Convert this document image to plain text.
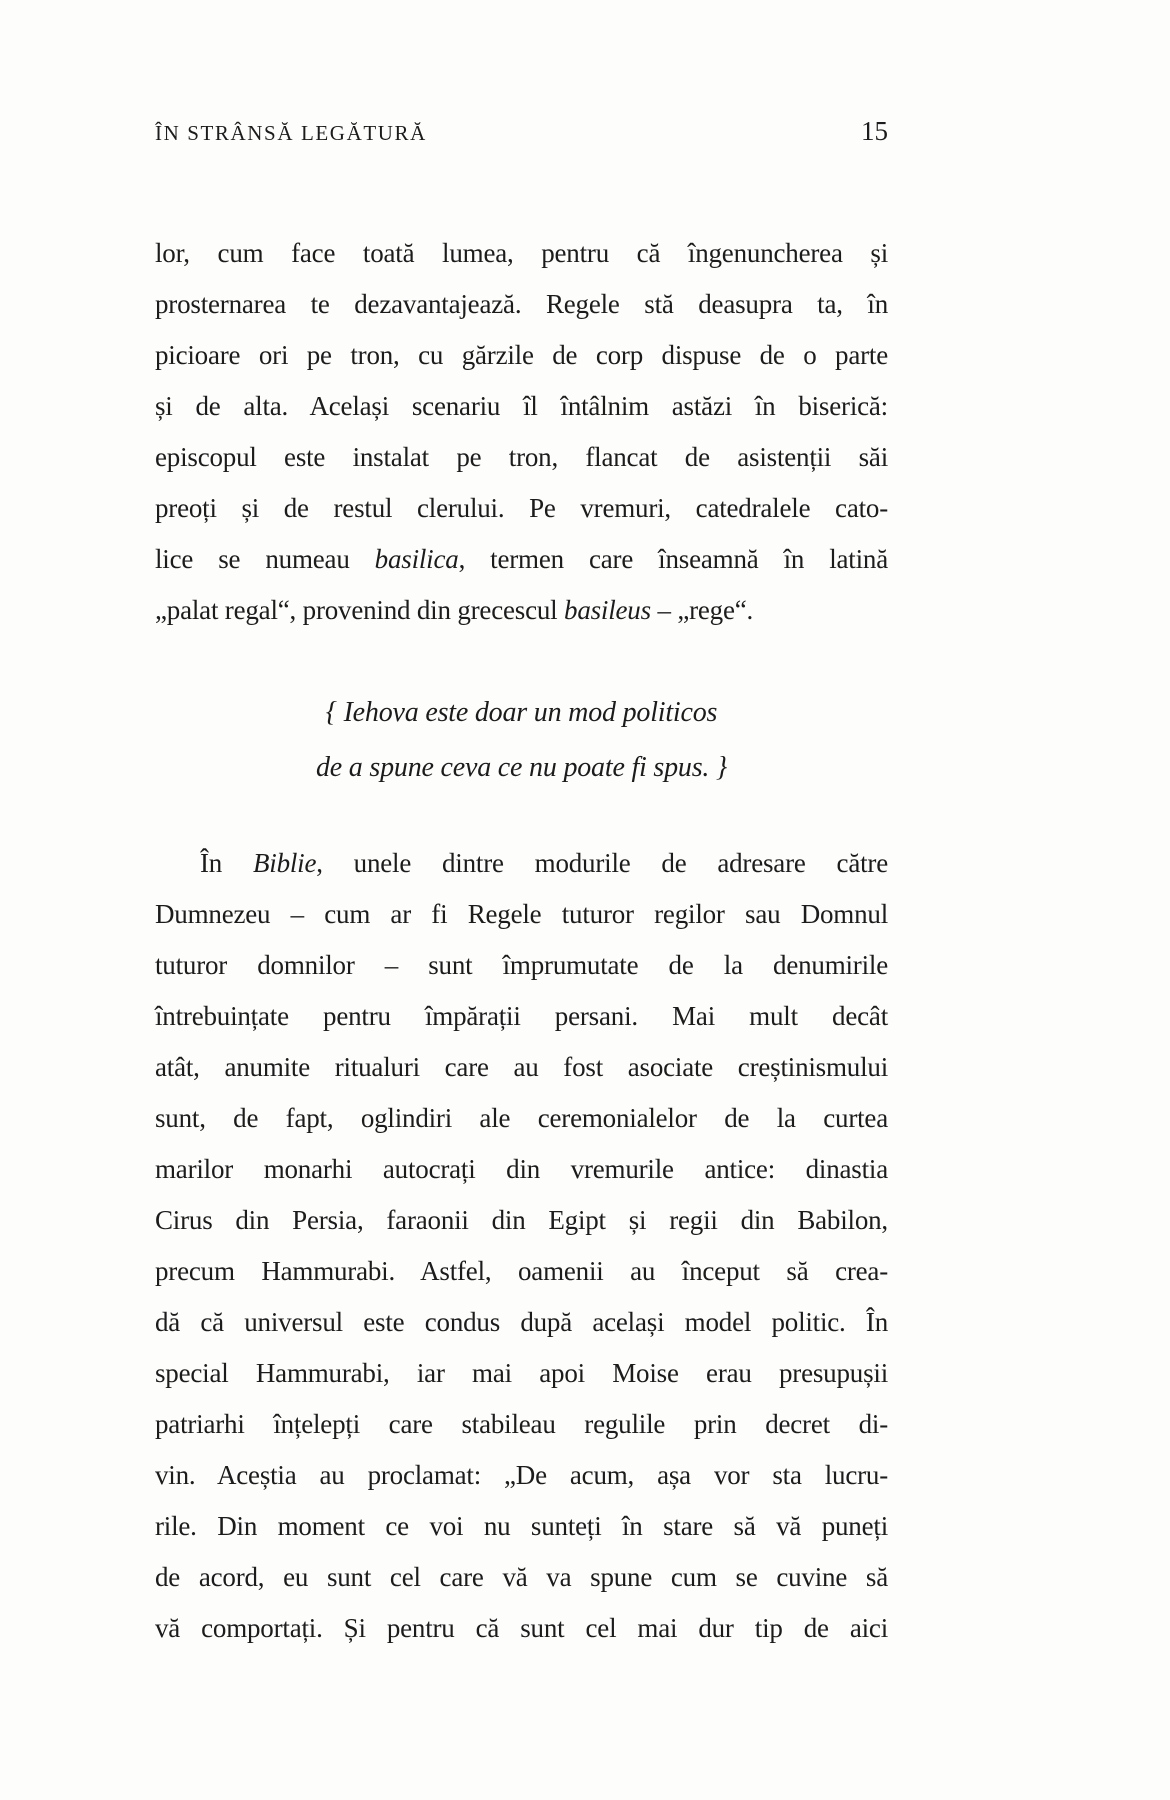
ÎN STRÂNSĂ LEGĂTURĂ	15
lor, cum face toată lumea, pentru că îngenuncherea și
prosternarea te dezavantajează. Regele stă deasupra ta, în
picioare ori pe tron, cu gărzile de corp dispuse de o parte
și de alta. Același scenariu îl întâlnim astăzi în biserică:
episcopul este instalat pe tron, flancat de asistenții săi
preoți și de restul clerului. Pe vremuri, catedralele cato-
lice se numeau basilica, termen care înseamnă în latină
„palat regal“, provenind din grecescul basileus – „rege“.
{ Iehova este doar un mod politicos
de a spune ceva ce nu poate fi spus. }
În Biblie, unele dintre modurile de adresare către
Dumnezeu – cum ar fi Regele tuturor regilor sau Domnul
tuturor domnilor – sunt împrumutate de la denumirile
întrebuințate pentru împărații persani. Mai mult decât
atât, anumite ritualuri care au fost asociate creștinismului
sunt, de fapt, oglindiri ale ceremonialelor de la curtea
marilor monarhi autocrați din vremurile antice: dinastia
Cirus din Persia, faraonii din Egipt și regii din Babilon,
precum Hammurabi. Astfel, oamenii au început să crea-
dă că universul este condus după același model politic. În
special Hammurabi, iar mai apoi Moise erau presupușii
patriarhi înțelepți care stabileau regulile prin decret di-
vin. Aceștia au proclamat: „De acum, așa vor sta lucru-
rile. Din moment ce voi nu sunteți în stare să vă puneți
de acord, eu sunt cel care vă va spune cum se cuvine să
vă comportați. Și pentru că sunt cel mai dur tip de aici
